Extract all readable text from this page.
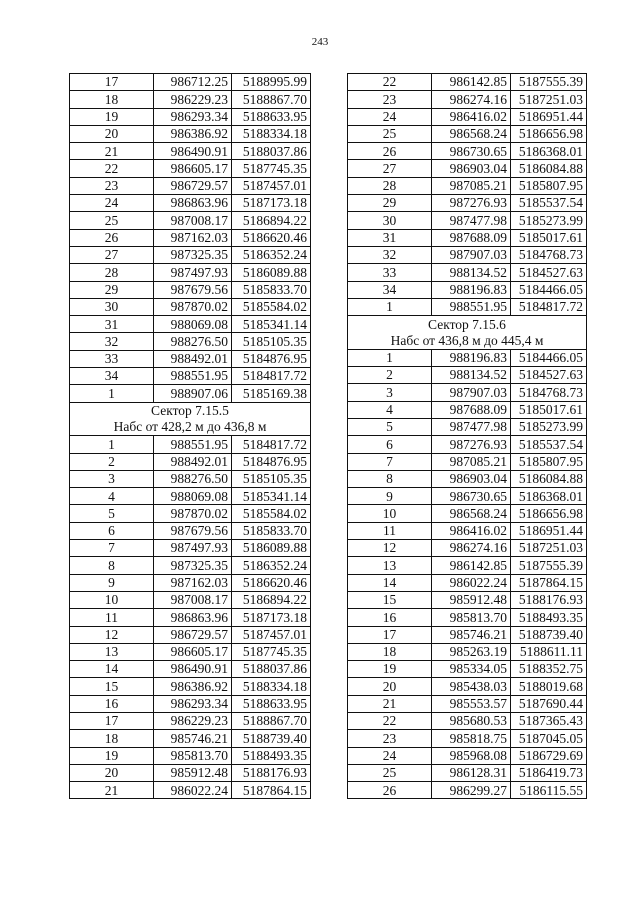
243
17	986712.25	5188995.99
18	986229.23	5188867.70
19	986293.34	5188633.95
20	986386.92	5188334.18
21	986490.91	5188037.86
22	986605.17	5187745.35
23	986729.57	5187457.01
24	986863.96	5187173.18
25	987008.17	5186894.22
26	987162.03	5186620.46
27	987325.35	5186352.24
28	987497.93	5186089.88
29	987679.56	5185833.70
30	987870.02	5185584.02
31	988069.08	5185341.14
32	988276.50	5185105.35
33	988492.01	5184876.95
34	988551.95	5184817.72
1	988907.06	5185169.38
Сектор 7.15.5		
Набс от 428,2 м до 436,8 м		
1	988551.95	5184817.72
2	988492.01	5184876.95
3	988276.50	5185105.35
4	988069.08	5185341.14
5	987870.02	5185584.02
6	987679.56	5185833.70
7	987497.93	5186089.88
8	987325.35	5186352.24
9	987162.03	5186620.46
10	987008.17	5186894.22
11	986863.96	5187173.18
12	986729.57	5187457.01
13	986605.17	5187745.35
14	986490.91	5188037.86
15	986386.92	5188334.18
16	986293.34	5188633.95
17	986229.23	5188867.70
18	985746.21	5188739.40
19	985813.70	5188493.35
20	985912.48	5188176.93
21	986022.24	5187864.15
22	986142.85	5187555.39
23	986274.16	5187251.03
24	986416.02	5186951.44
25	986568.24	5186656.98
26	986730.65	5186368.01
27	986903.04	5186084.88
28	987085.21	5185807.95
29	987276.93	5185537.54
30	987477.98	5185273.99
31	987688.09	5185017.61
32	987907.03	5184768.73
33	988134.52	5184527.63
34	988196.83	5184466.05
1	988551.95	5184817.72
Сектор 7.15.6		
Набс от 436,8 м до 445,4 м		
1	988196.83	5184466.05
2	988134.52	5184527.63
3	987907.03	5184768.73
4	987688.09	5185017.61
5	987477.98	5185273.99
6	987276.93	5185537.54
7	987085.21	5185807.95
8	986903.04	5186084.88
9	986730.65	5186368.01
10	986568.24	5186656.98
11	986416.02	5186951.44
12	986274.16	5187251.03
13	986142.85	5187555.39
14	986022.24	5187864.15
15	985912.48	5188176.93
16	985813.70	5188493.35
17	985746.21	5188739.40
18	985263.19	5188611.11
19	985334.05	5188352.75
20	985438.03	5188019.68
21	985553.57	5187690.44
22	985680.53	5187365.43
23	985818.75	5187045.05
24	985968.08	5186729.69
25	986128.31	5186419.73
26	986299.27	5186115.55
